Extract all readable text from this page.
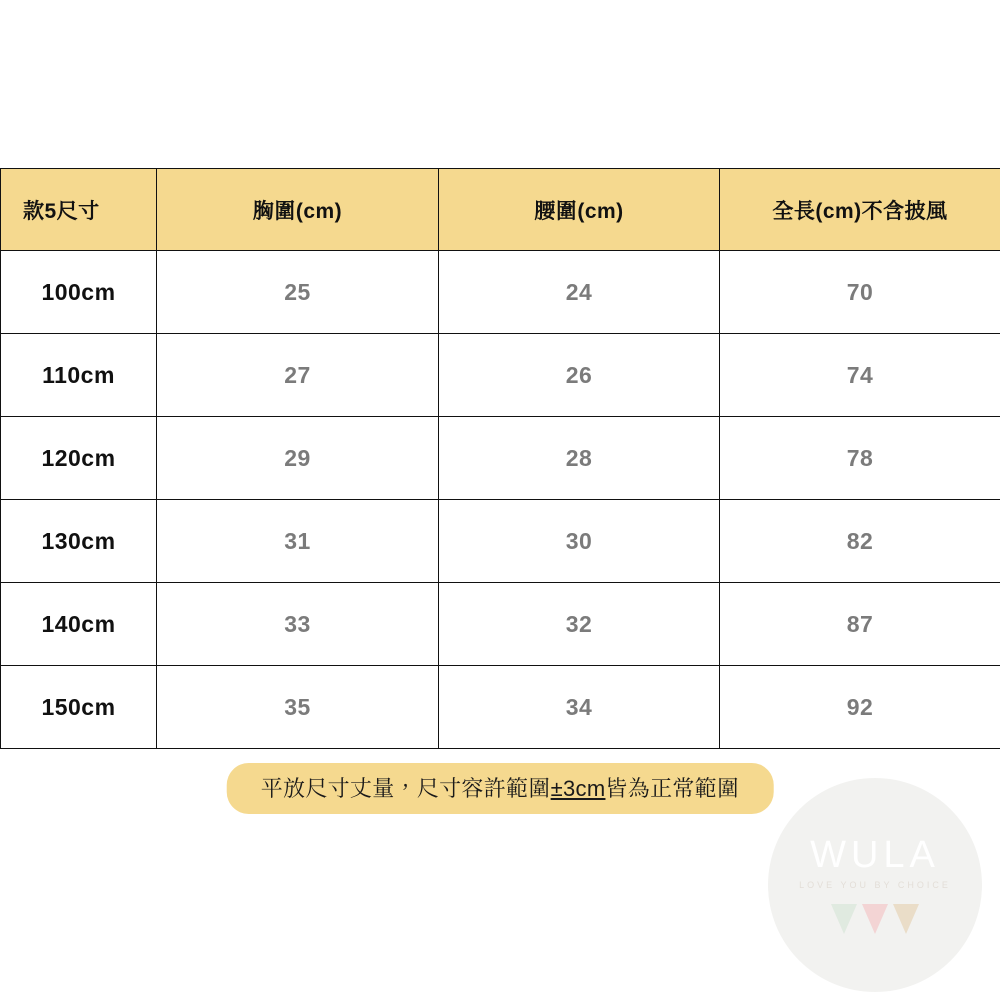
款5尺寸	胸圍(cm)	腰圍(cm)	全長(cm)不含披風
100cm	25	24	70
110cm	27	26	74
120cm	29	28	78
130cm	31	30	82
140cm	33	32	87
150cm	35	34	92
平放尺寸丈量，尺寸容許範圍±3cm皆為正常範圍
WULA
LOVE YOU BY CHOICE
